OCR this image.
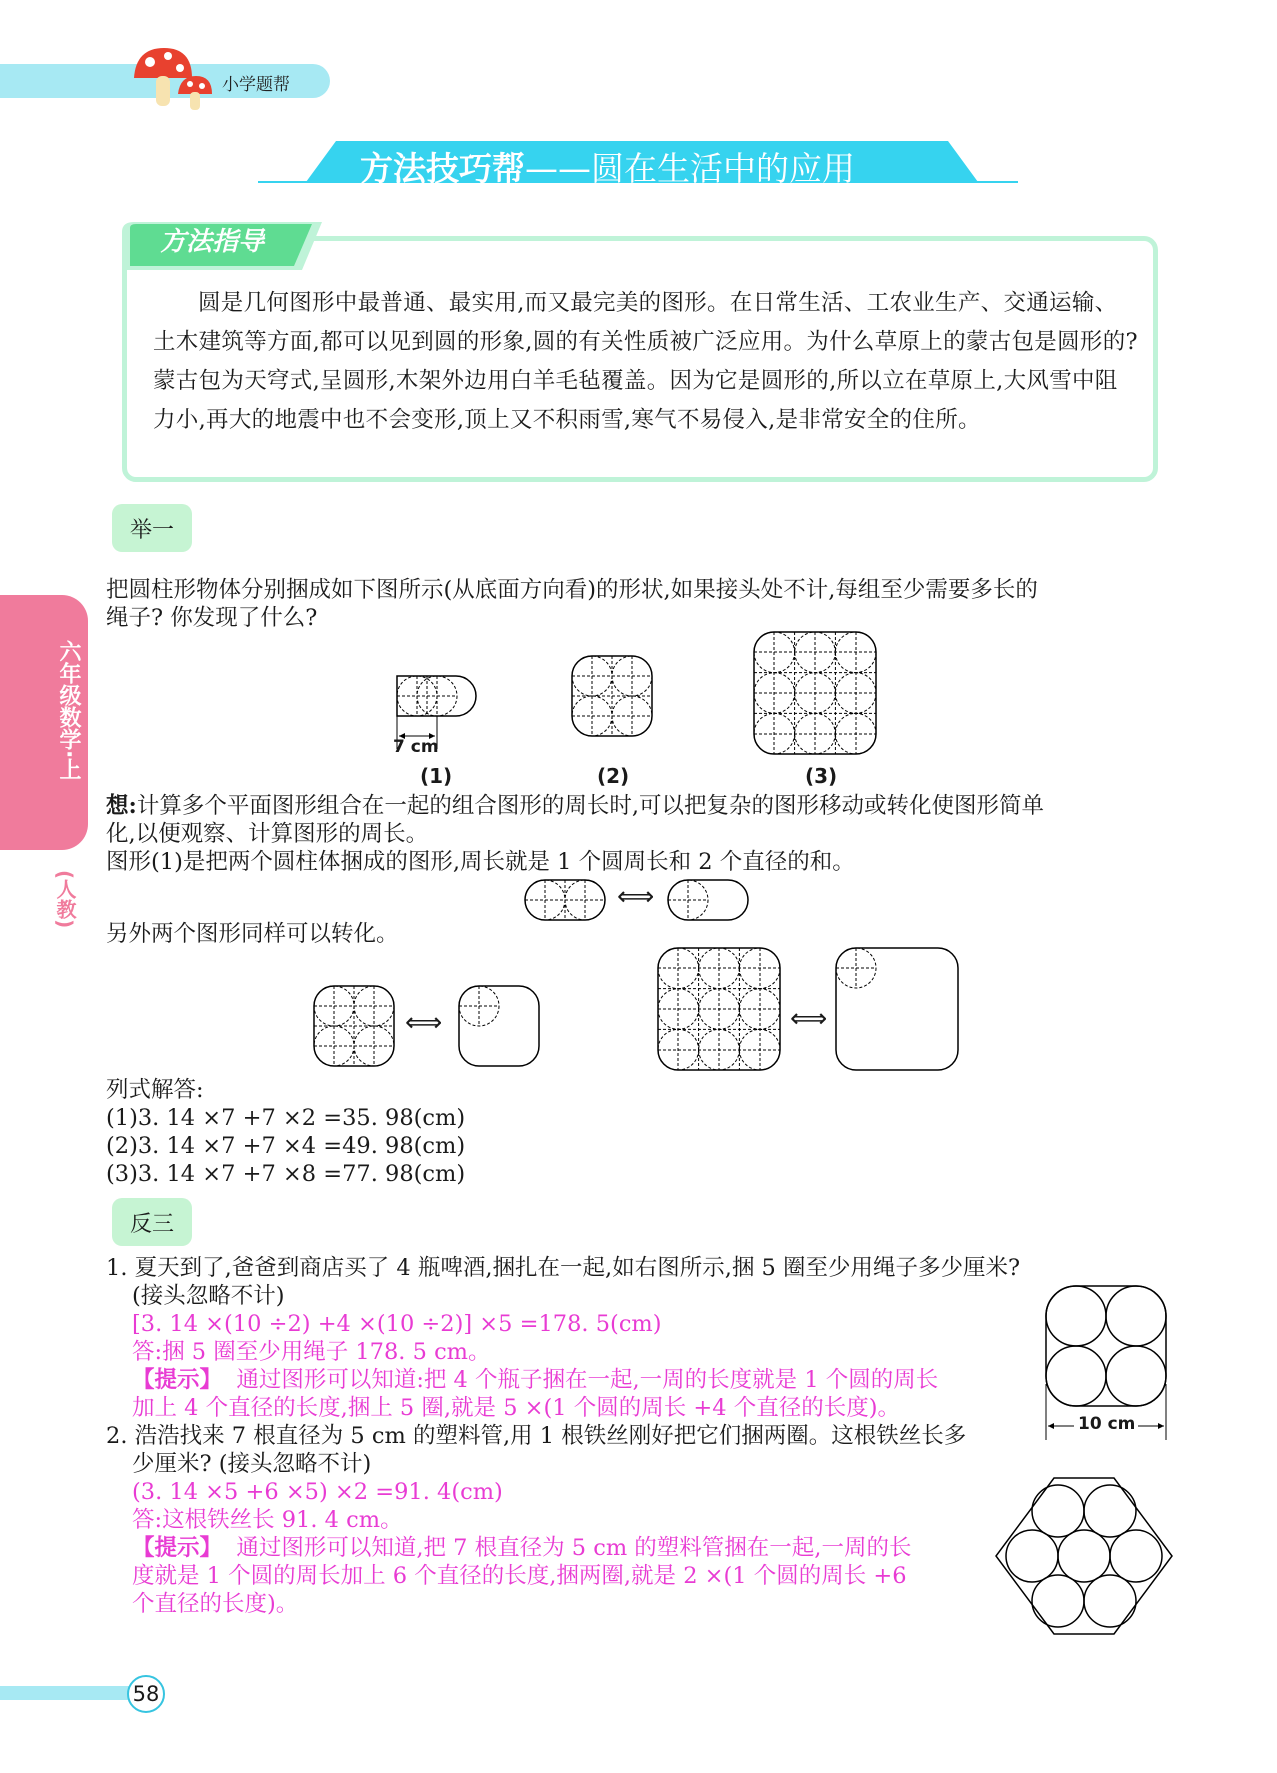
小学题帮
方法技巧帮——圆在生活中的应用
方法指导
圆是几何图形中最普通、最实用,而又最完美的图形。在日常生活、工农业生产、交通运输、土木建筑等方面,都可以见到圆的形象,圆的有关性质被广泛应用。为什么草原上的蒙古包是圆形的? 蒙古包为天穹式,呈圆形,木架外边用白羊毛毡覆盖。因为它是圆形的,所以立在草原上,大风雪中阻力小,再大的地震中也不会变形,顶上又不积雨雪,寒气不易侵入,是非常安全的住所。
六年级数学·上
(人教)
举一
把圆柱形物体分别捆成如下图所示(从底面方向看)的形状,如果接头处不计,每组至少需要多长的
绳子? 你发现了什么?
7 cm
(1)	(2)	(3)
想:计算多个平面图形组合在一起的组合图形的周长时,可以把复杂的图形移动或转化使图形简单
化,以便观察、计算图形的周长。
图形(1)是把两个圆柱体捆成的图形,周长就是 1 个圆周长和 2 个直径的和。
⟺
另外两个图形同样可以转化。
⟺	⟺
列式解答:
(1)3. 14 ×7 +7 ×2 =35. 98(cm)
(2)3. 14 ×7 +7 ×4 =49. 98(cm)
(3)3. 14 ×7 +7 ×8 =77. 98(cm)
反三
1. 夏天到了,爸爸到商店买了 4 瓶啤酒,捆扎在一起,如右图所示,捆 5 圈至少用绳子多少厘米?
(接头忽略不计)
[3. 14 ×(10 ÷2) +4 ×(10 ÷2)] ×5 =178. 5(cm)
答:捆 5 圈至少用绳子 178. 5 cm。
【提示】 通过图形可以知道:把 4 个瓶子捆在一起,一周的长度就是 1 个圆的周长
加上 4 个直径的长度,捆上 5 圈,就是 5 ×(1 个圆的周长 +4 个直径的长度)。
10 cm
2. 浩浩找来 7 根直径为 5 cm 的塑料管,用 1 根铁丝刚好把它们捆两圈。这根铁丝长多
少厘米? (接头忽略不计)
(3. 14 ×5 +6 ×5) ×2 =91. 4(cm)
答:这根铁丝长 91. 4 cm。
【提示】 通过图形可以知道,把 7 根直径为 5 cm 的塑料管捆在一起,一周的长
度就是 1 个圆的周长加上 6 个直径的长度,捆两圈,就是 2 ×(1 个圆的周长 +6
个直径的长度)。
58
